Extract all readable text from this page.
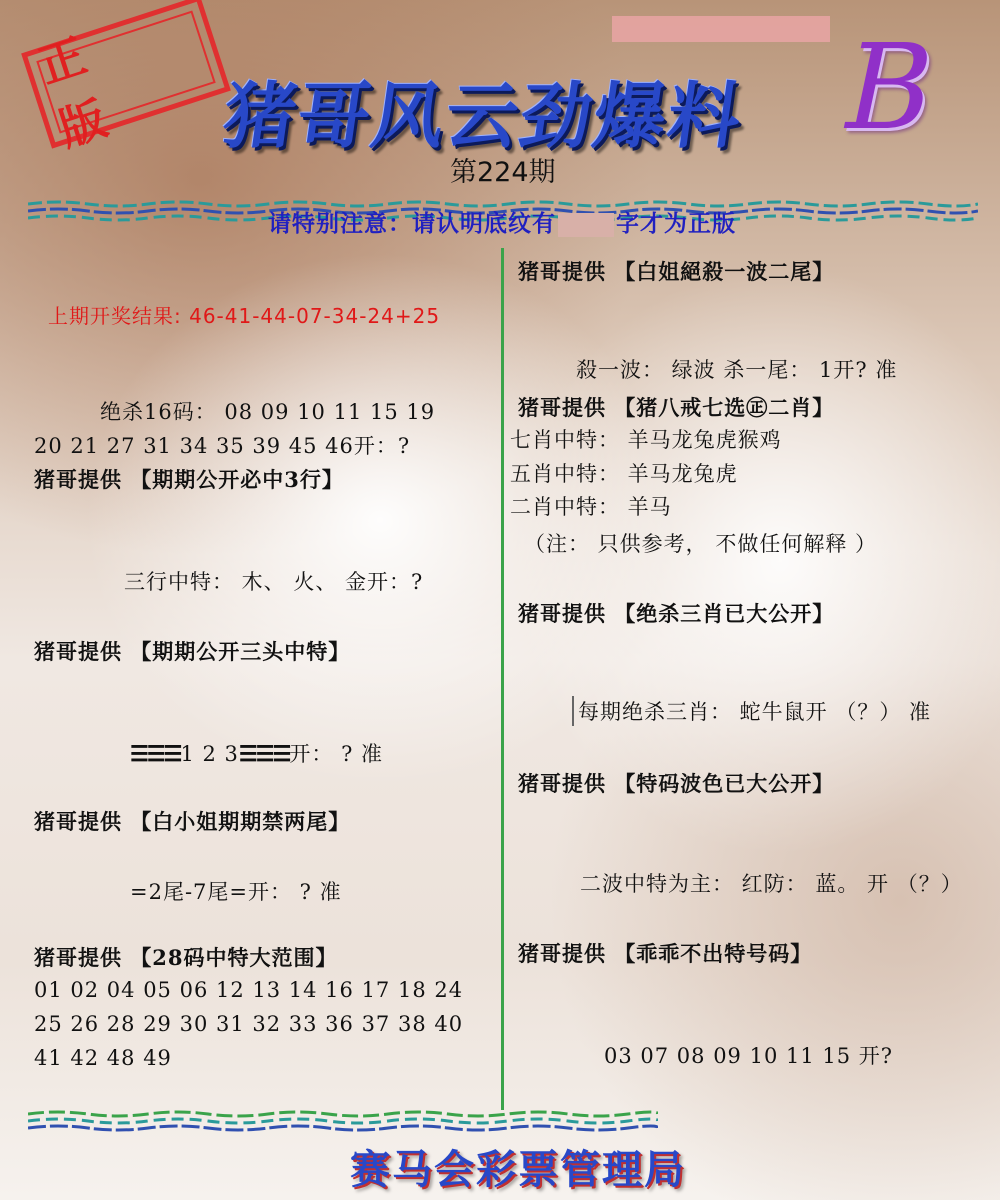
正 版	猪哥风云劲爆料 B
第224期
请特别注意：请认明底纹有	字才为正版
上期开奖结果: 46-41-44-07-34-24+25
绝杀16码： 08 09 10 11 15 19
20 21 27 31 34 35 39 45 46开：?
猪哥提供 【期期公开必中3行】
三行中特： 木、 火、 金开：?
猪哥提供 【期期公开三头中特】
☰☰☰1 2 3☰☰☰开： ? 准
猪哥提供 【白小姐期期禁两尾】
=2尾-7尾=开： ? 准
猪哥提供 【28码中特大范围】
01 02 04 05 06 12 13 14 16 17 18 24
25 26 28 29 30 31 32 33 36 37 38 40
41 42 48 49
猪哥提供 【白姐絕殺一波二尾】
殺一波： 绿波 杀一尾： 1开? 准
猪哥提供 【猪八戒七选㊣二肖】
七肖中特： 羊马龙兔虎猴鸡
五肖中特： 羊马龙兔虎
二肖中特： 羊马
（注： 只供参考， 不做任何解释 ）
猪哥提供 【绝杀三肖已大公开】
每期绝杀三肖： 蛇牛鼠开 （？） 准
猪哥提供 【特码波色已大公开】
二波中特为主： 红防： 蓝。 开 （？）
猪哥提供 【乖乖不出特号码】
03 07 08 09 10 11 15 开?
赛马会彩票管理局
